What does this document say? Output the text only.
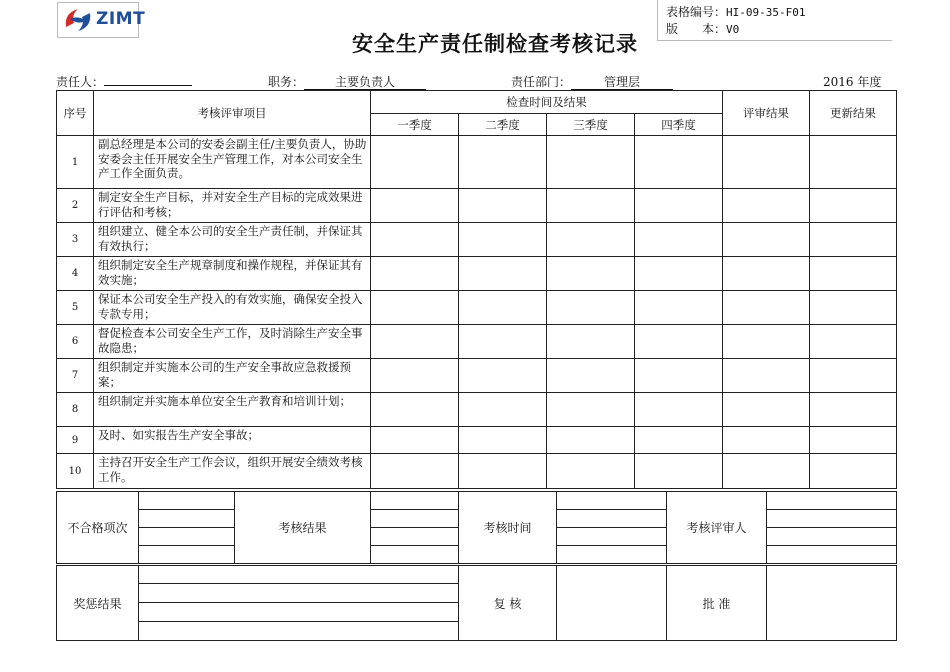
ZIMT	表格编号：HI-09-35-F01
版　　本：V0
安全生产责任制检查考核记录
责任人：	职务：	主要负责人	责任部门：	管理层	2016 年度
序号	考核评审项目	检查时间及结果				评审结果	更新结果
		一季度	二季度	三季度	四季度		
1	副总经理是本公司的安委会副主任/主要负责人，协助安委会主任开展安全生产管理工作，对本公司安全生产工作全面负责。						
2	制定安全生产目标，并对安全生产目标的完成效果进行评估和考核；						
3	组织建立、健全本公司的安全生产责任制，并保证其有效执行；						
4	组织制定安全生产规章制度和操作规程，并保证其有效实施；						
5	保证本公司安全生产投入的有效实施，确保安全投入专款专用；						
6	督促检查本公司安全生产工作，及时消除生产安全事故隐患；						
7	组织制定并实施本公司的生产安全事故应急救援预案；						
8	组织制定并实施本单位安全生产教育和培训计划；						
9	及时、如实报告生产安全事故；						
10	主持召开安全生产工作会议，组织开展安全绩效考核工作。						
不合格项次		考核结果		考核时间		考核评审人	

奖惩结果		复 核		批 准	
